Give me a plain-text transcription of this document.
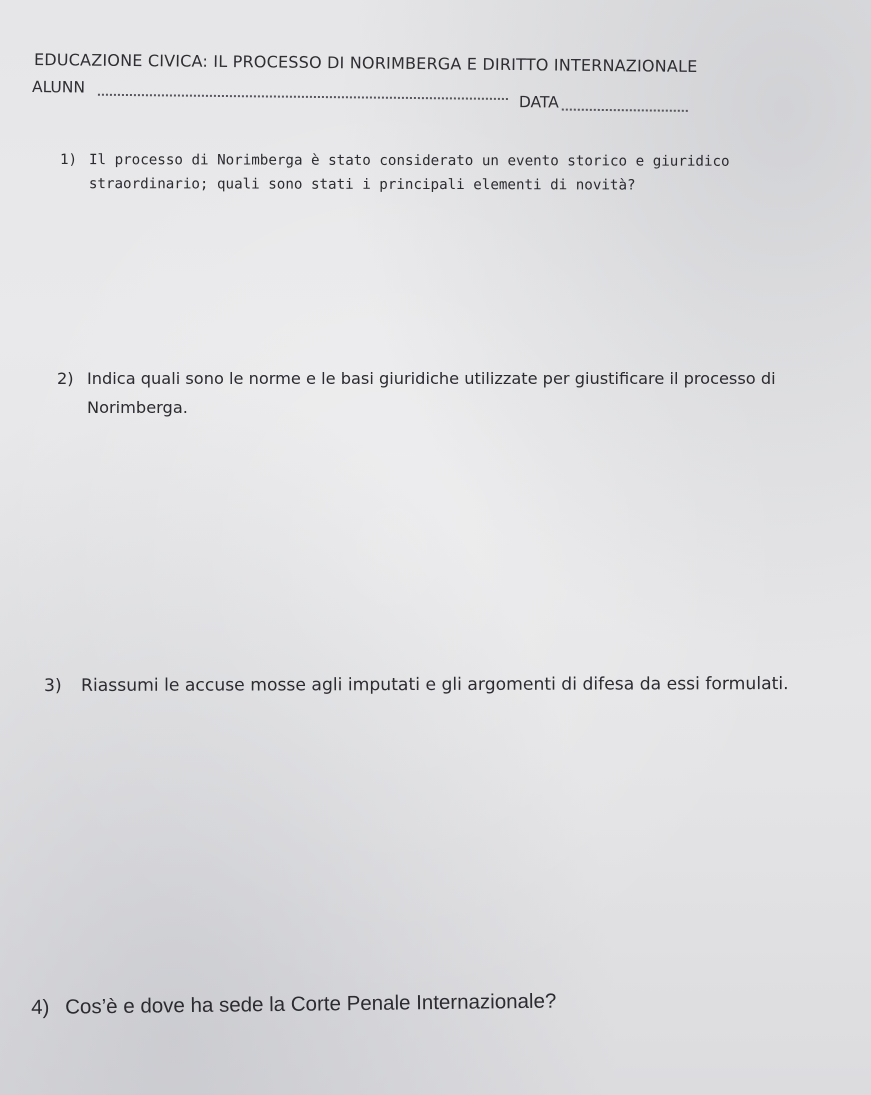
EDUCAZIONE CIVICA: IL PROCESSO DI NORIMBERGA E DIRITTO INTERNAZIONALE
ALUNN
DATA
1) Il processo di Norimberga è stato considerato un evento storico e giuridico
straordinario; quali sono stati i principali elementi di novità?
2) Indica quali sono le norme e le basi giuridiche utilizzate per giustificare il processo di
Norimberga.
3) Riassumi le accuse mosse agli imputati e gli argomenti di difesa da essi formulati.
4) Cos’è e dove ha sede la Corte Penale Internazionale?
